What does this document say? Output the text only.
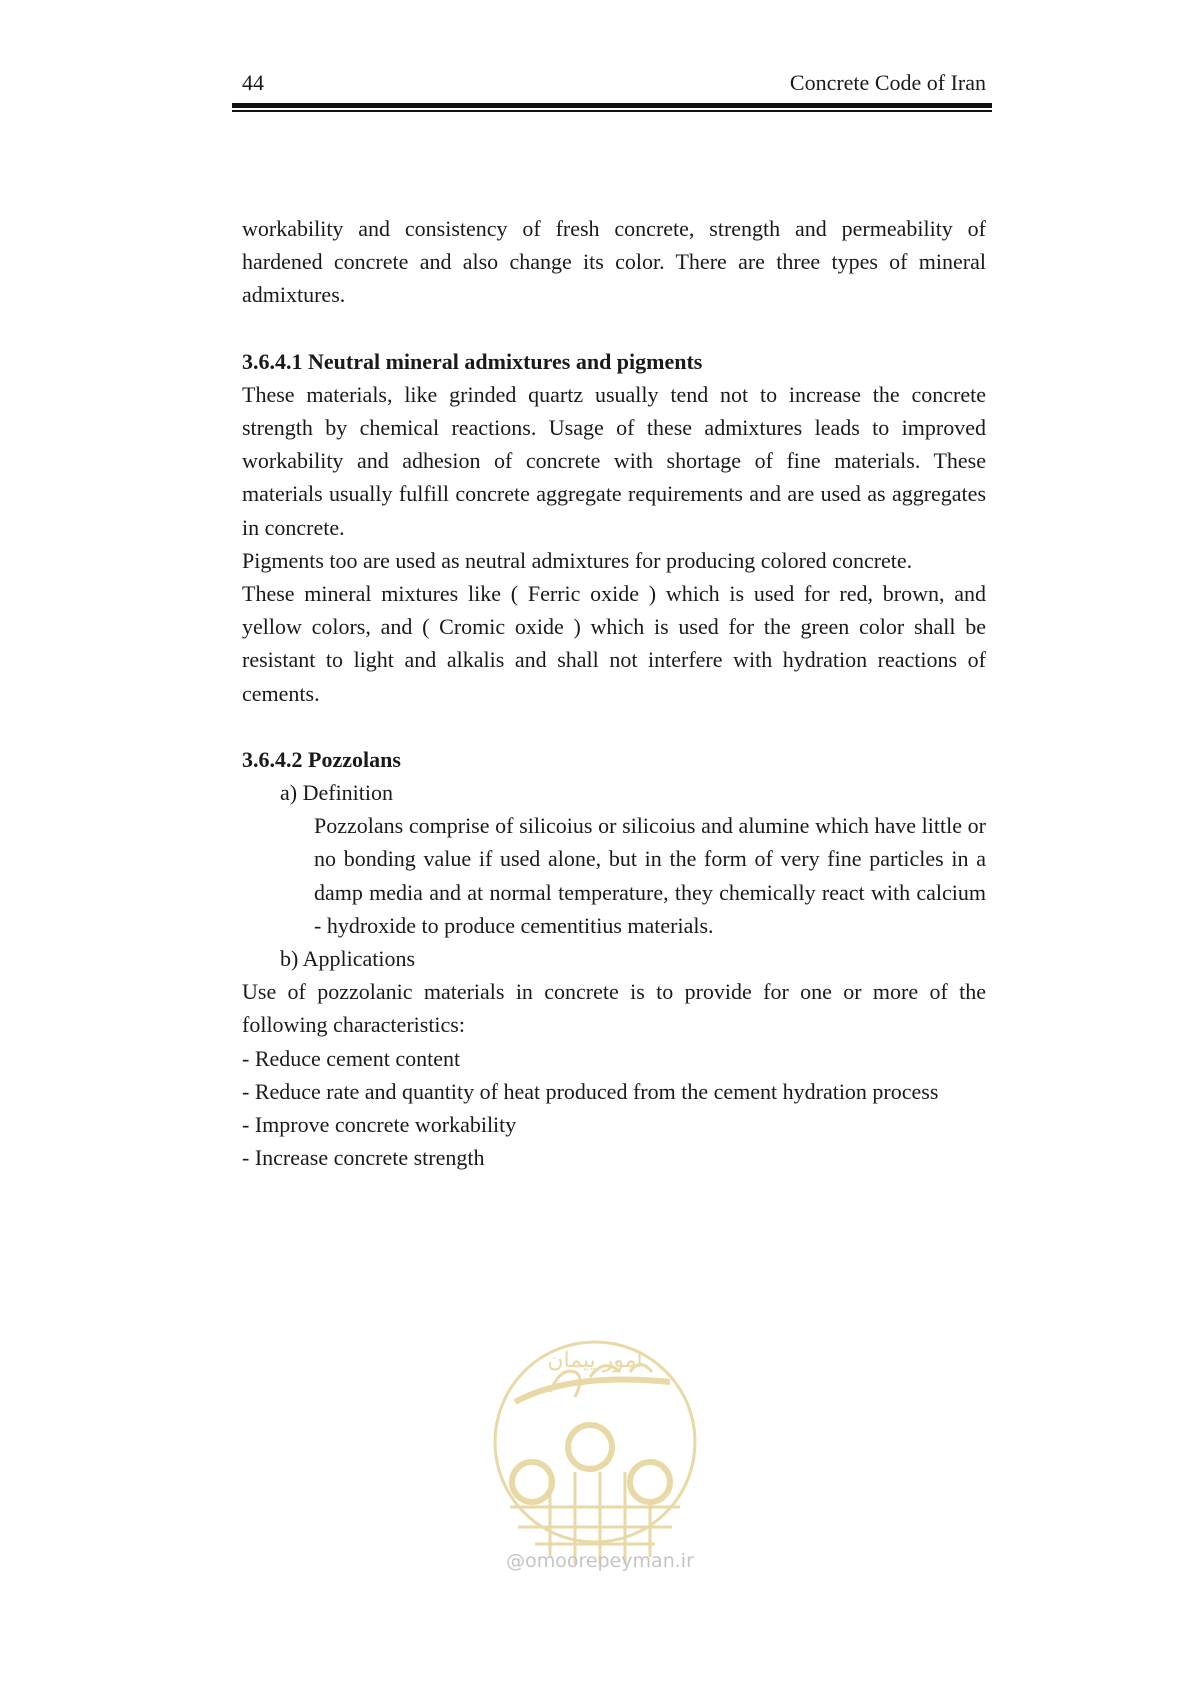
44	Concrete Code of Iran

workability and consistency of fresh concrete, strength and permeability of hardened concrete and also change its color. There are three types of mineral admixtures.

3.6.4.1 Neutral mineral admixtures and pigments

These materials, like grinded quartz usually tend not to increase the concrete strength by chemical reactions. Usage of these admixtures leads to improved workability and adhesion of concrete with shortage of fine materials. These materials usually fulfill concrete aggregate requirements and are used as aggregates in concrete.

Pigments too are used as neutral admixtures for producing colored concrete.

These mineral mixtures like ( Ferric oxide ) which is used for red, brown, and yellow colors, and ( Cromic oxide ) which is used for the green color shall be resistant to light and alkalis and shall not interfere with hydration reactions of cements.

3.6.4.2 Pozzolans

a) Definition

Pozzolans comprise of silicoius or silicoius and alumine which have little or no bonding value if used alone, but in the form of very fine particles in a damp media and at normal temperature, they chemically react with calcium - hydroxide to produce cementitius materials.

b) Applications

Use of pozzolanic materials in concrete is to provide for one or more of the following characteristics:

- Reduce cement content

- Reduce rate and quantity of heat produced from the cement hydration process

- Improve concrete workability

- Increase concrete strength

امور پیمان
@omoorepeyman.ir
